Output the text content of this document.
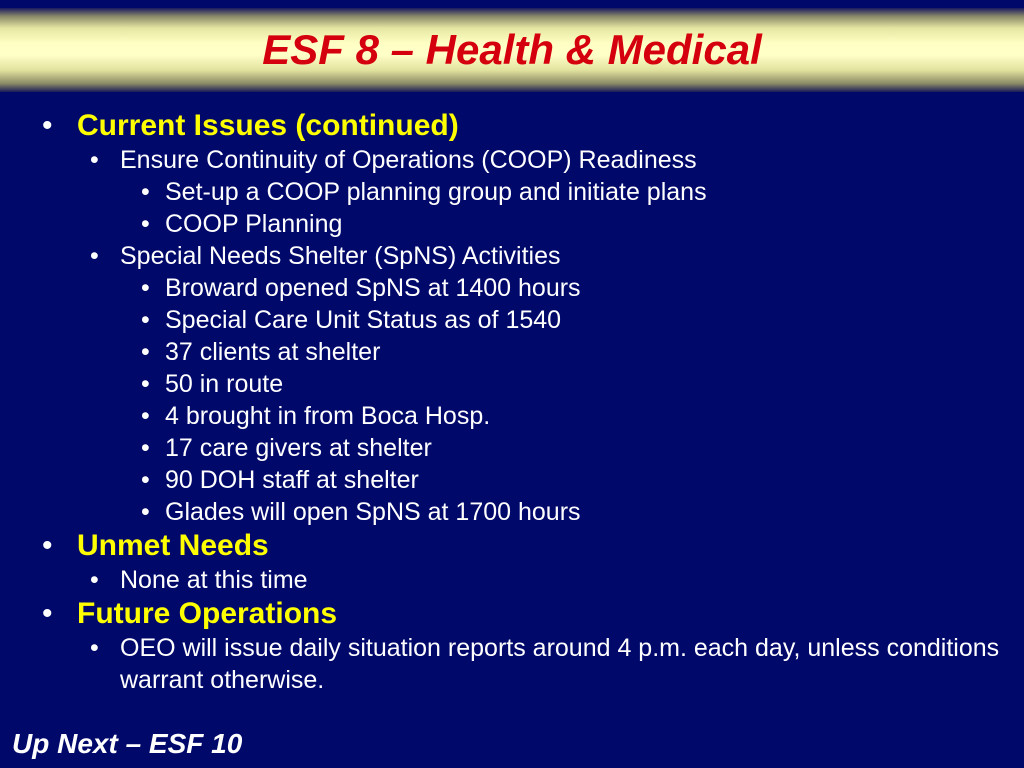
ESF 8 – Health & Medical
• Current Issues (continued)
• Ensure Continuity of Operations (COOP) Readiness
• Set-up a COOP planning group and initiate plans
• COOP Planning
• Special Needs Shelter (SpNS) Activities
• Broward opened SpNS at 1400 hours
• Special Care Unit Status as of 1540
• 37 clients at shelter
• 50 in route
• 4 brought in from Boca Hosp.
• 17 care givers at shelter
• 90 DOH staff at shelter
• Glades will open SpNS at 1700 hours
• Unmet Needs
• None at this time
• Future Operations
• OEO will issue daily situation reports around 4 p.m. each day, unless conditions warrant otherwise.
Up Next – ESF 10
